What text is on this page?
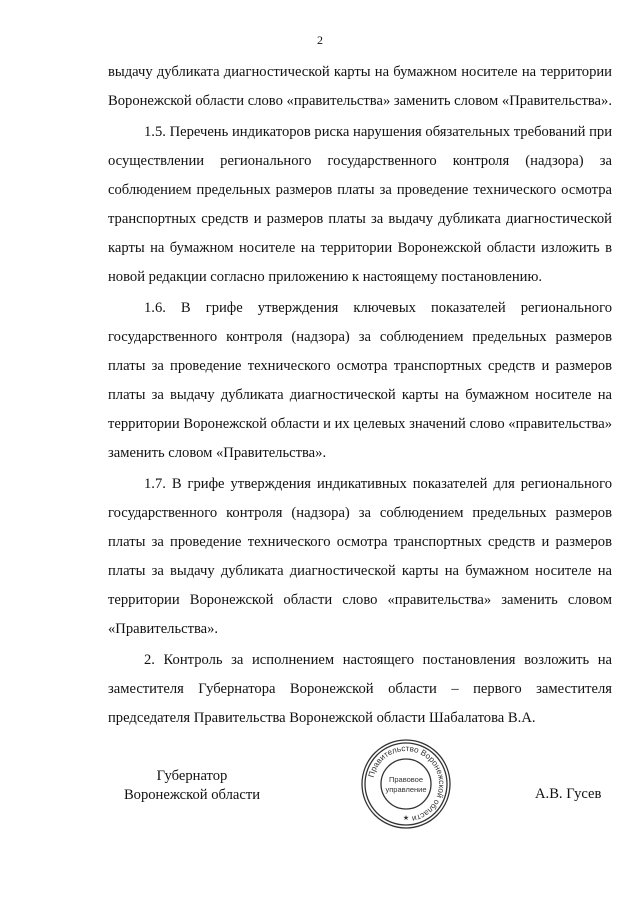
2

выдачу дубликата диагностической карты на бумажном носителе на территории Воронежской области слово «правительства» заменить словом «Правительства».

1.5. Перечень индикаторов риска нарушения обязательных требований при осуществлении регионального государственного контроля (надзора) за соблюдением предельных размеров платы за проведение технического осмотра транспортных средств и размеров платы за выдачу дубликата диагностической карты на бумажном носителе на территории Воронежской области изложить в новой редакции согласно приложению к настоящему постановлению.

1.6. В грифе утверждения ключевых показателей регионального государственного контроля (надзора) за соблюдением предельных размеров платы за проведение технического осмотра транспортных средств и размеров платы за выдачу дубликата диагностической карты на бумажном носителе на территории Воронежской области и их целевых значений слово «правительства» заменить словом «Правительства».

1.7. В грифе утверждения индикативных показателей для регионального государственного контроля (надзора) за соблюдением предельных размеров платы за проведение технического осмотра транспортных средств и размеров платы за выдачу дубликата диагностической карты на бумажном носителе на территории Воронежской области слово «правительства» заменить словом «Правительства».

2. Контроль за исполнением настоящего постановления возложить на заместителя Губернатора Воронежской области – первого заместителя председателя Правительства Воронежской области Шабалатова В.А.

Губернатор
Воронежской области
Правительство Воронежской области
Правовое
управление
★
А.В. Гусев
